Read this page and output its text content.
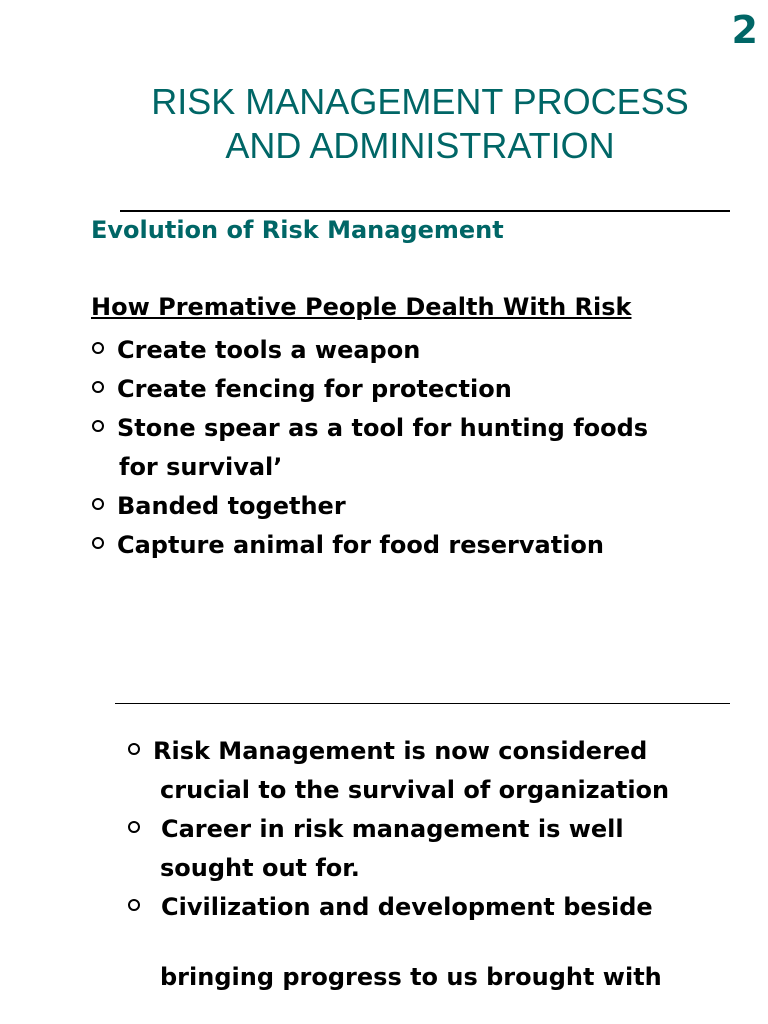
2
RISK MANAGEMENT PROCESS
AND ADMINISTRATION
Evolution of Risk Management
How Premative People Dealth With Risk
Create tools a weapon
Create fencing for protection
Stone spear as a tool for hunting foods
for survival’
Banded together
Capture animal for food reservation
Risk Management is now considered
crucial to the survival of organization
Career in risk management is well
sought out for.
Civilization and development beside
bringing progress to us brought with
